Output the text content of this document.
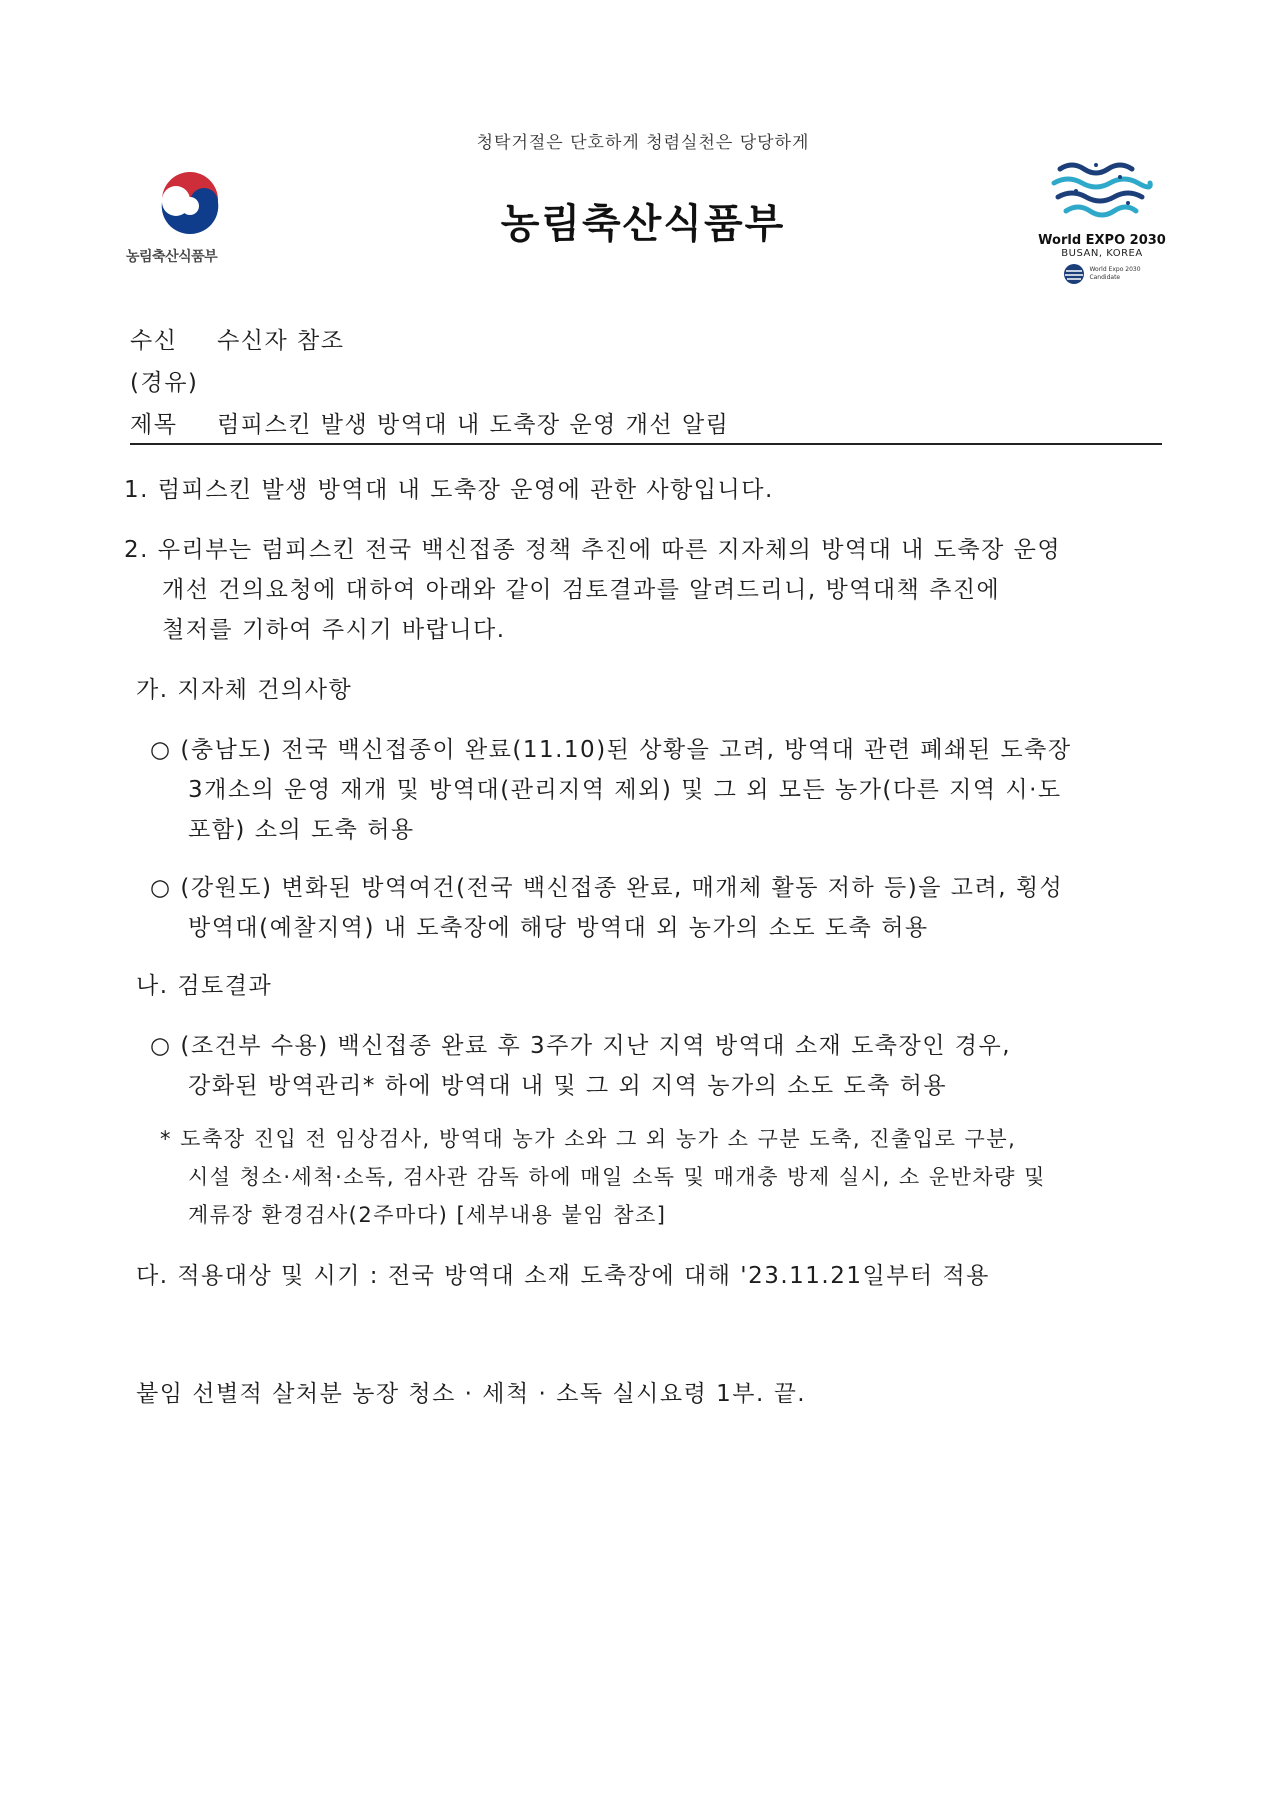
청탁거절은 단호하게 청렴실천은 당당하게
농림축산식품부
농림축산식품부	World EXPO 2030
BUSAN, KOREA
World Expo 2030
Candidate
수신 수신자 참조
(경유)
제목 럼피스킨 발생 방역대 내 도축장 운영 개선 알림
1. 럼피스킨 발생 방역대 내 도축장 운영에 관한 사항입니다.
2. 우리부는 럼피스킨 전국 백신접종 정책 추진에 따른 지자체의 방역대 내 도축장 운영
개선 건의요청에 대하여 아래와 같이 검토결과를 알려드리니, 방역대책 추진에
철저를 기하여 주시기 바랍니다.
가. 지자체 건의사항
○ (충남도) 전국 백신접종이 완료(11.10)된 상황을 고려, 방역대 관련 폐쇄된 도축장
3개소의 운영 재개 및 방역대(관리지역 제외) 및 그 외 모든 농가(다른 지역 시·도
포함) 소의 도축 허용
○ (강원도) 변화된 방역여건(전국 백신접종 완료, 매개체 활동 저하 등)을 고려, 횡성
방역대(예찰지역) 내 도축장에 해당 방역대 외 농가의 소도 도축 허용
나. 검토결과
○ (조건부 수용) 백신접종 완료 후 3주가 지난 지역 방역대 소재 도축장인 경우,
강화된 방역관리* 하에 방역대 내 및 그 외 지역 농가의 소도 도축 허용
* 도축장 진입 전 임상검사, 방역대 농가 소와 그 외 농가 소 구분 도축, 진출입로 구분,
시설 청소·세척·소독, 검사관 감독 하에 매일 소독 및 매개충 방제 실시, 소 운반차량 및
계류장 환경검사(2주마다) [세부내용 붙임 참조]
다. 적용대상 및 시기 : 전국 방역대 소재 도축장에 대해 '23.11.21일부터 적용
붙임 선별적 살처분 농장 청소 · 세척 · 소독 실시요령 1부. 끝.
